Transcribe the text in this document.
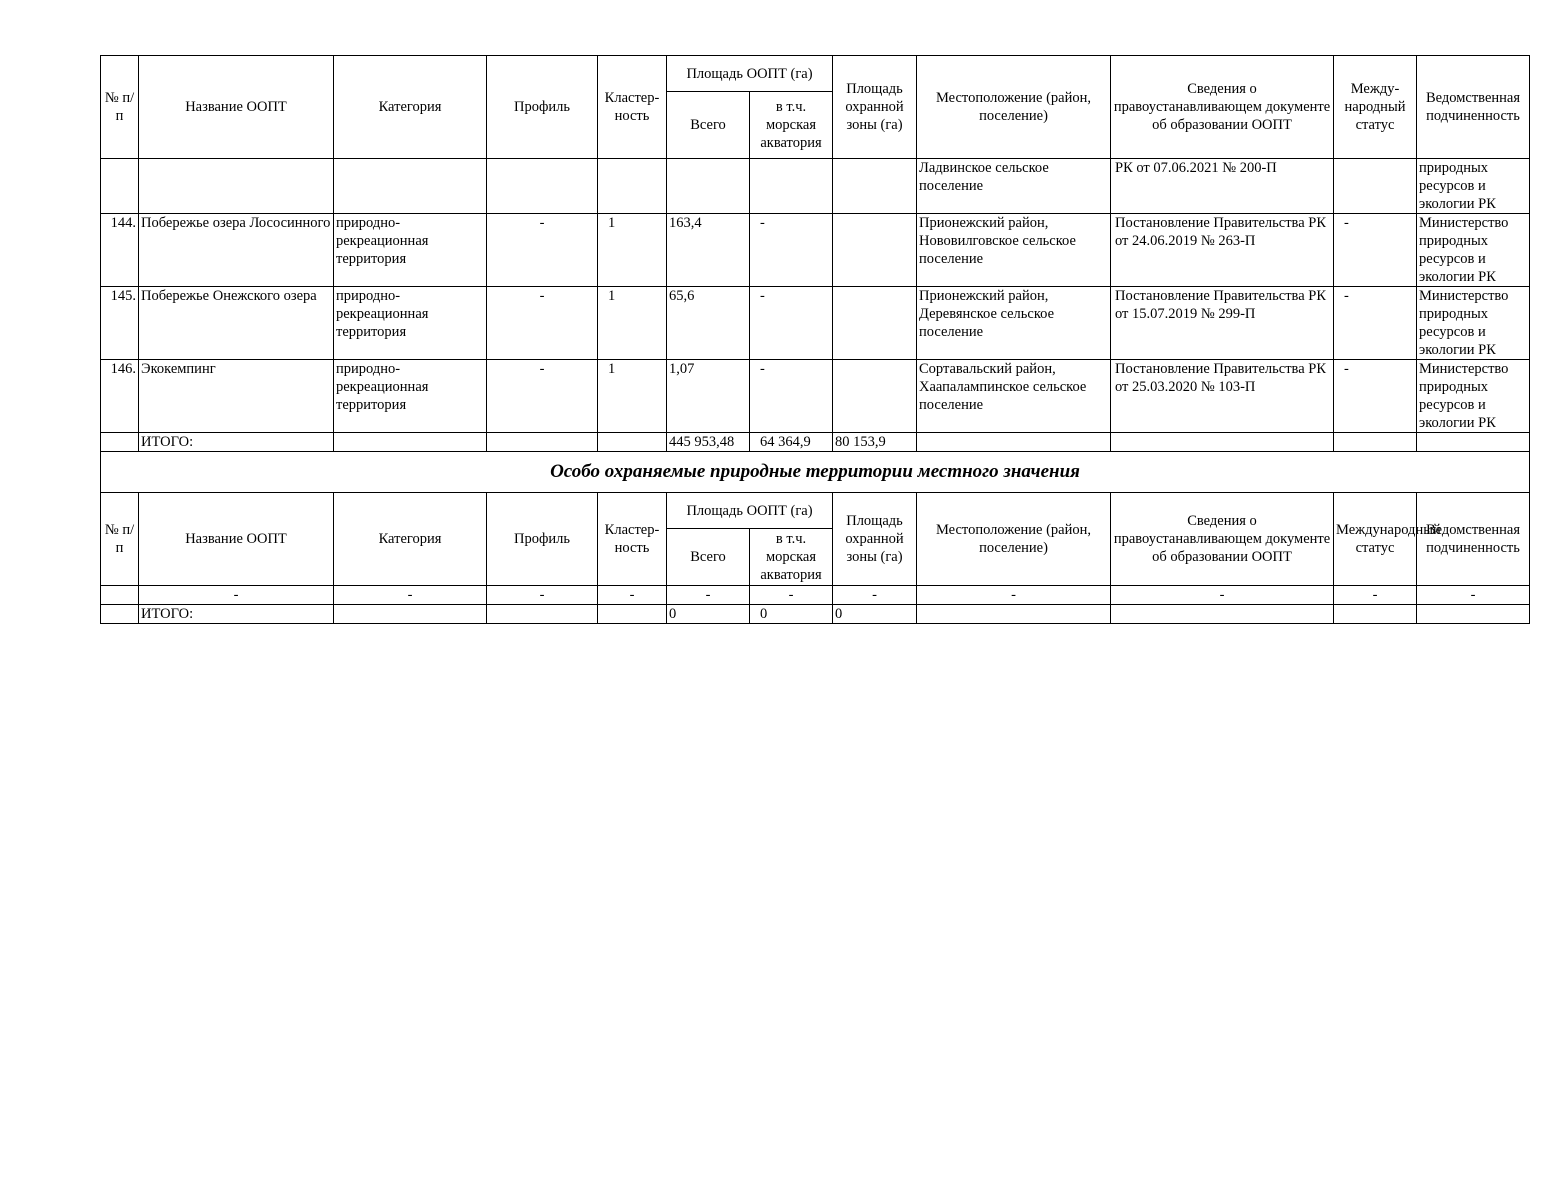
№ п/п	Название ООПТ	Категория	Профиль	Кластер-ность	Площадь ООПТ (га)		Площадь охранной зоны (га)	Местоположение (район, поселение)	Сведения о правоустанавливающем документе об образовании ООПТ	Между-народный статус	Ведомственная подчиненность
					Всего	в т.ч. морская акватория					
								Ладвинское сельское поселение	РК от 07.06.2021 № 200-П		природных ресурсов и экологии РК
144.	Побережье озера Лососинного	природно-рекреационная территория	-	1	163,4	-		Прионежский район, Нововилговское сельское поселение	Постановление Правительства РК от 24.06.2019 № 263-П	-	Министерство природных ресурсов и экологии РК
145.	Побережье Онежского озера	природно-рекреационная территория	-	1	65,6	-		Прионежский район, Деревянское сельское поселение	Постановление Правительства РК от 15.07.2019 № 299-П	-	Министерство природных ресурсов и экологии РК
146.	Экокемпинг	природно-рекреационная территория	-	1	1,07	-		Сортавальский район, Хаапалампинское сельское поселение	Постановление Правительства РК от 25.03.2020 № 103-П	-	Министерство природных ресурсов и экологии РК
	ИТОГО:				445 953,48	64 364,9	80 153,9				
Особо охраняемые природные территории местного значения											
№ п/п	Название ООПТ	Категория	Профиль	Кластер-ность	Площадь ООПТ (га)		Площадь охранной зоны (га)	Местоположение (район, поселение)	Сведения о правоустанавливающем документе об образовании ООПТ	Международный статус	Ведомственная подчиненность
					Всего	в т.ч. морская акватория					
	-	-	-	-	-	-	-	-	-	-	-
	ИТОГО:				0	0	0				
